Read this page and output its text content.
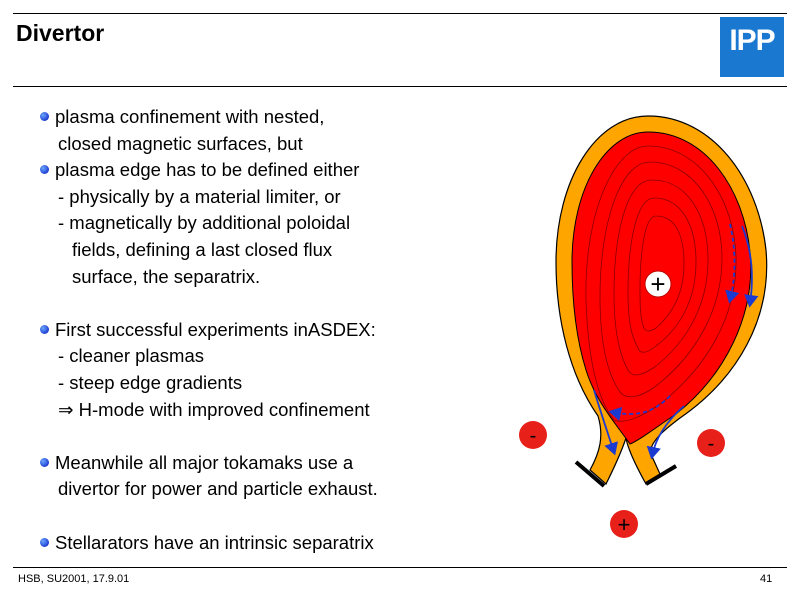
Divertor	IPP
plasma confinement with nested,
closed magnetic surfaces, but
plasma edge has to be defined either
- physically by a material limiter, or
- magnetically by additional poloidal
fields, defining a last closed flux
surface, the separatrix.
First successful experiments inASDEX:
- cleaner plasmas
- steep edge gradients
⇒ H-mode with improved confinement
Meanwhile all major tokamaks use a
divertor for power and particle exhaust.
Stellarators have an intrinsic separatrix
+
-	-
+
HSB, SU2001, 17.9.01	41
